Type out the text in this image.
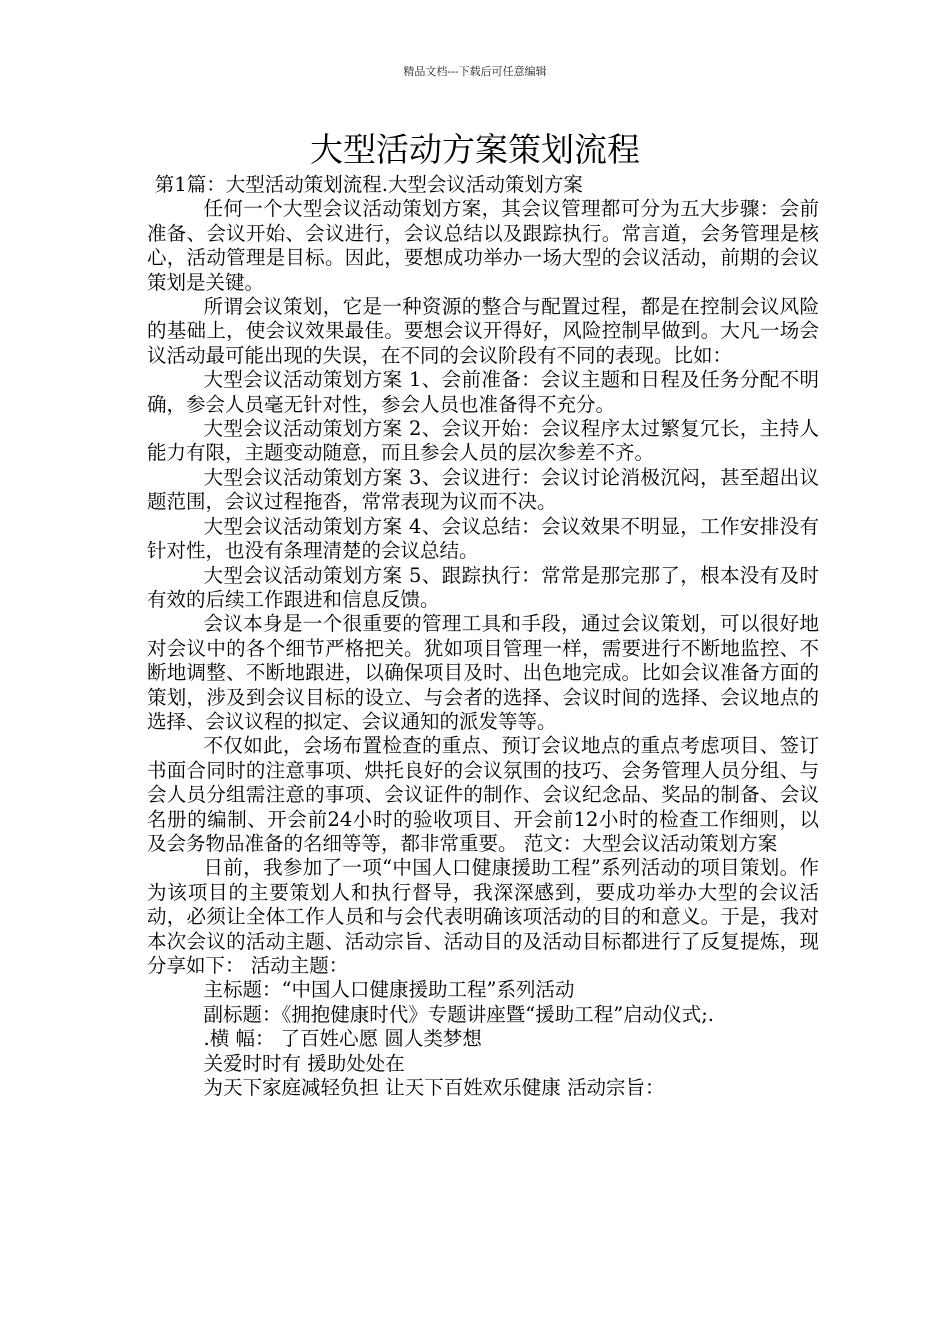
精品文档---下载后可任意编辑
大型活动方案策划流程

第1篇：大型活动策划流程.大型会议活动策划方案

任何一个大型会议活动策划方案，其会议管理都可分为五大步骤：会前准备、会议开始、会议进行，会议总结以及跟踪执行。常言道，会务管理是核心，活动管理是目标。因此，要想成功举办一场大型的会议活动，前期的会议策划是关键。

所谓会议策划，它是一种资源的整合与配置过程，都是在控制会议风险的基础上，使会议效果最佳。要想会议开得好，风险控制早做到。大凡一场会议活动最可能出现的失误，在不同的会议阶段有不同的表现。比如：

大型会议活动策划方案 1、会前准备：会议主题和日程及任务分配不明确，参会人员毫无针对性，参会人员也准备得不充分。

大型会议活动策划方案 2、会议开始：会议程序太过繁复冗长，主持人能力有限，主题变动随意，而且参会人员的层次参差不齐。

大型会议活动策划方案 3、会议进行：会议讨论消极沉闷，甚至超出议题范围，会议过程拖沓，常常表现为议而不决。

大型会议活动策划方案 4、会议总结：会议效果不明显，工作安排没有针对性，也没有条理清楚的会议总结。

大型会议活动策划方案 5、跟踪执行：常常是那完那了，根本没有及时有效的后续工作跟进和信息反馈。

会议本身是一个很重要的管理工具和手段，通过会议策划，可以很好地对会议中的各个细节严格把关。犹如项目管理一样，需要进行不断地监控、不断地调整、不断地跟进，以确保项目及时、出色地完成。比如会议准备方面的策划，涉及到会议目标的设立、与会者的选择、会议时间的选择、会议地点的选择、会议议程的拟定、会议通知的派发等等。

不仅如此，会场布置检查的重点、预订会议地点的重点考虑项目、签订书面合同时的注意事项、烘托良好的会议氛围的技巧、会务管理人员分组、与会人员分组需注意的事项、会议证件的制作、会议纪念品、奖品的制备、会议名册的编制、开会前24小时的验收项目、开会前12小时的检查工作细则，以及会务物品准备的名细等等，都非常重要。 范文：大型会议活动策划方案

日前，我参加了一项“中国人口健康援助工程”系列活动的项目策划。作为该项目的主要策划人和执行督导，我深深感到，要成功举办大型的会议活动，必须让全体工作人员和与会代表明确该项活动的目的和意义。于是，我对本次会议的活动主题、活动宗旨、活动目的及活动目标都进行了反复提炼，现分享如下： 活动主题：

主标题：“中国人口健康援助工程”系列活动

副标题：《拥抱健康时代》专题讲座暨“援助工程”启动仪式;.

.横 幅： 了百姓心愿 圆人类梦想

关爱时时有 援助处处在

为天下家庭减轻负担 让天下百姓欢乐健康 活动宗旨：
